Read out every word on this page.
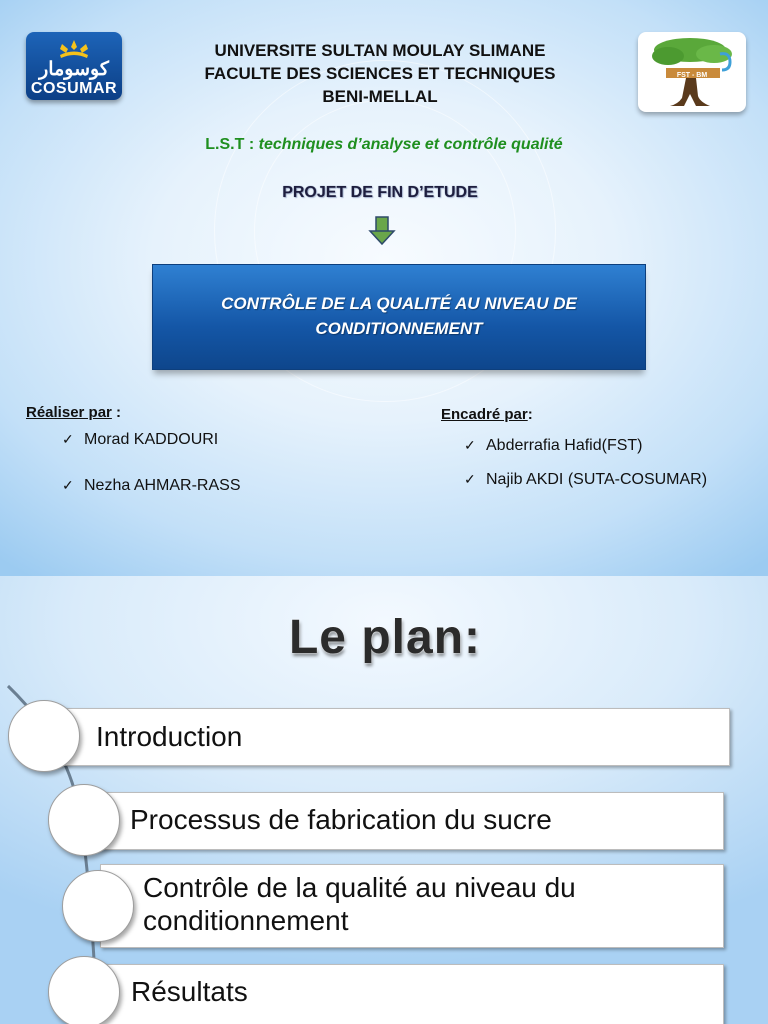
كوسومار
COSUMAR
FST - BM
UNIVERSITE SULTAN MOULAY SLIMANE
FACULTE DES SCIENCES ET TECHNIQUES
BENI-MELLAL
L.S.T : techniques d’analyse et contrôle qualité
PROJET DE FIN D’ETUDE
CONTRÔLE DE LA QUALITÉ AU NIVEAU DE
CONDITIONNEMENT
Réaliser par :
✓ Morad KADDOURI
✓ Nezha AHMAR-RASS
Encadré par:
✓ Abderrafia Hafid(FST)
✓ Najib AKDI (SUTA-COSUMAR)
Le plan:
Introduction
Processus de fabrication du sucre
Contrôle de la qualité au niveau du conditionnement
Résultats
